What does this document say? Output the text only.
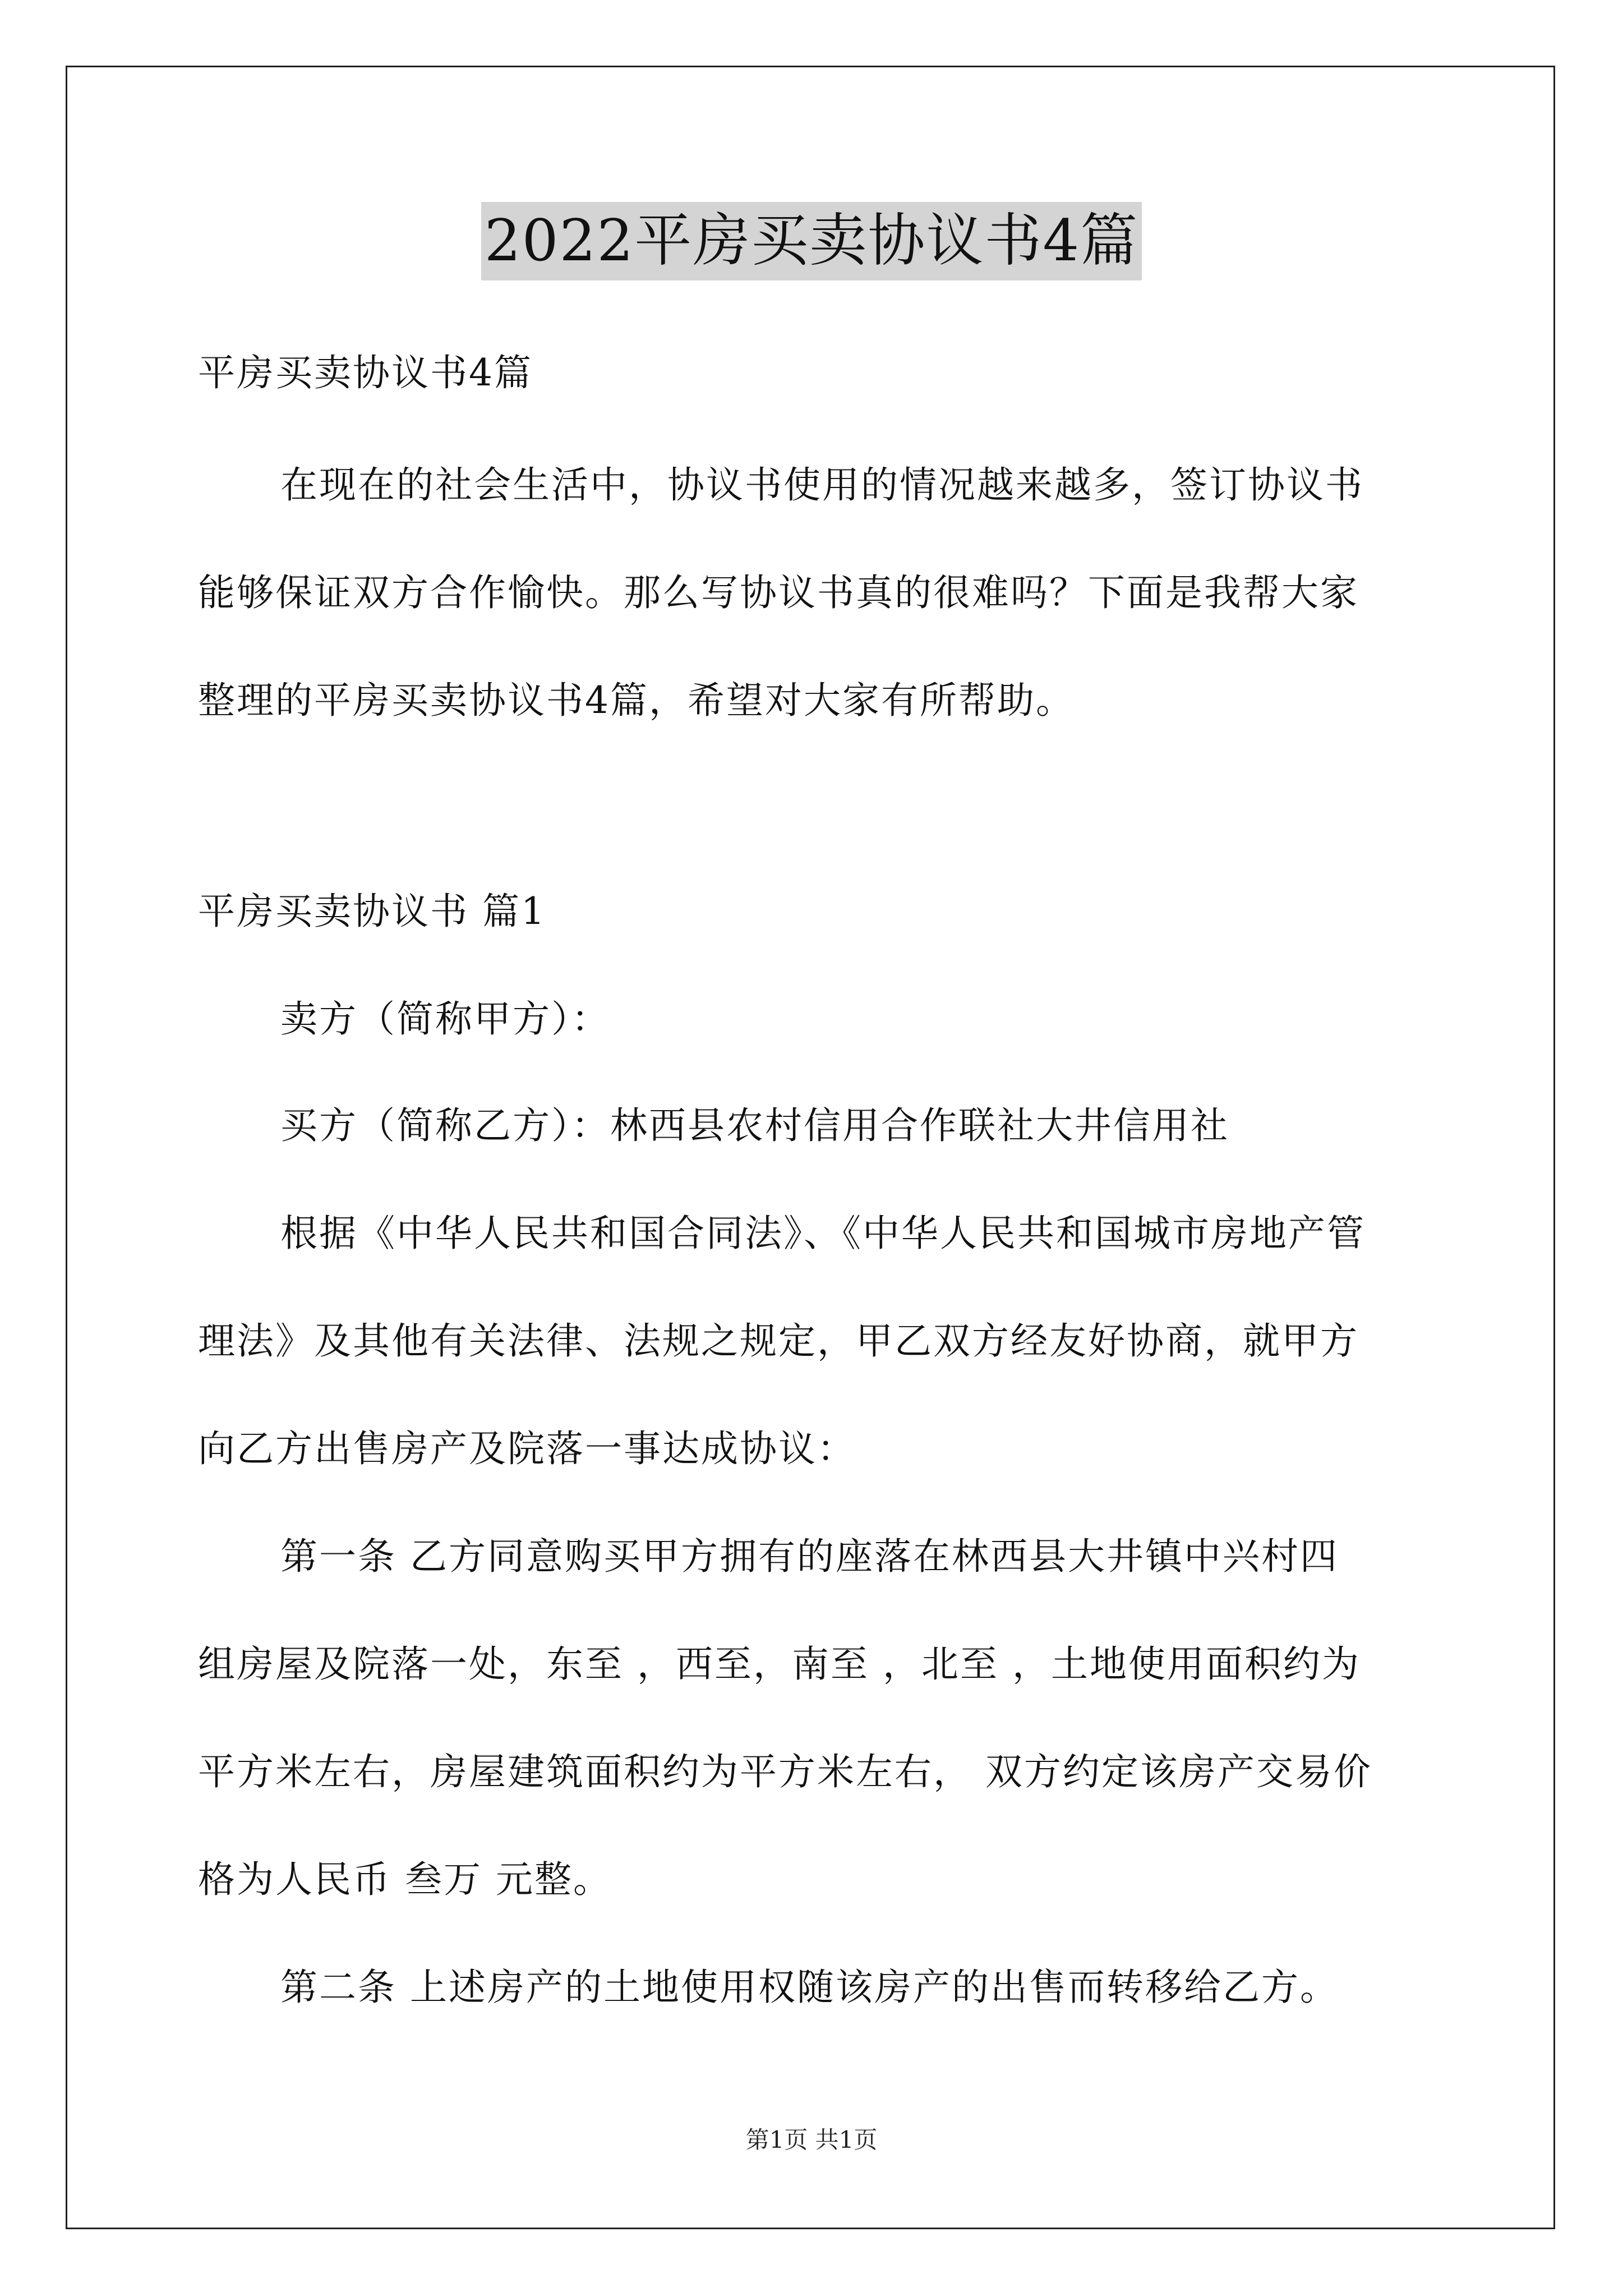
2022平房买卖协议书4篇
平房买卖协议书4篇
在现在的社会生活中，协议书使用的情况越来越多，签订协议书
能够保证双方合作愉快。那么写协议书真的很难吗？下面是我帮大家
整理的平房买卖协议书4篇，希望对大家有所帮助。
平房买卖协议书 篇1
卖方（简称甲方）：
买方（简称乙方）：林西县农村信用合作联社大井信用社
根据《中华人民共和国合同法》、《中华人民共和国城市房地产管
理法》及其他有关法律、法规之规定，甲乙双方经友好协商，就甲方
向乙方出售房产及院落一事达成协议：
第一条 乙方同意购买甲方拥有的座落在林西县大井镇中兴村四
组房屋及院落一处，东至 ，西至，南至 ，北至 ，土地使用面积约为
平方米左右，房屋建筑面积约为平方米左右， 双方约定该房产交易价
格为人民币 叁万 元整。
第二条 上述房产的土地使用权随该房产的出售而转移给乙方。
第1页 共1页
